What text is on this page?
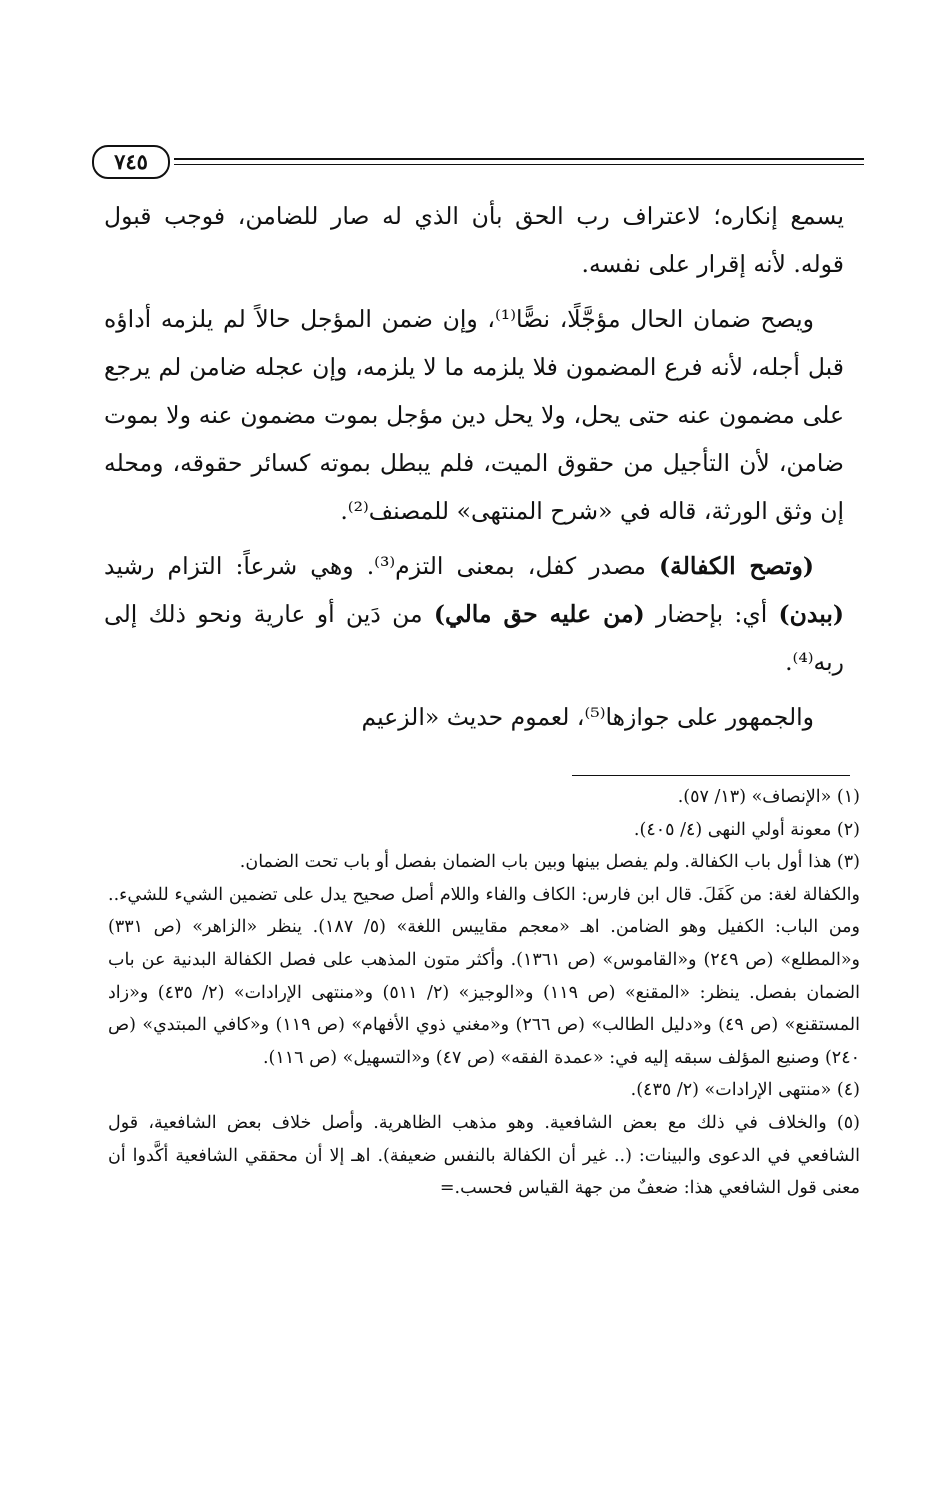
٧٤٥

يسمع إنكاره؛ لاعتراف رب الحق بأن الذي له صار للضامن، فوجب قبول قوله. لأنه إقرار على نفسه.

ويصح ضمان الحال مؤجَّلًا، نصًّا⁽¹⁾، وإن ضمن المؤجل حالاً لم يلزمه أداؤه قبل أجله، لأنه فرع المضمون فلا يلزمه ما لا يلزمه، وإن عجله ضامن لم يرجع على مضمون عنه حتى يحل، ولا يحل دين مؤجل بموت مضمون عنه ولا بموت ضامن، لأن التأجيل من حقوق الميت، فلم يبطل بموته كسائر حقوقه، ومحله إن وثق الورثة، قاله في «شرح المنتهى» للمصنف⁽²⁾.

(وتصح الكفالة) مصدر كفل، بمعنى التزم⁽³⁾. وهي شرعاً: التزام رشيد (ببدن) أي: بإحضار (من عليه حق مالي) من دَين أو عارية ونحو ذلك إلى ربه⁽⁴⁾.

والجمهور على جوازها⁽⁵⁾، لعموم حديث «الزعيم

(١) «الإنصاف» (١٣/ ٥٧).

(٢) معونة أولي النهى (٤/ ٤٠٥).

(٣) هذا أول باب الكفالة. ولم يفصل بينها وبين باب الضمان بفصل أو باب تحت الضمان.

والكفالة لغة: من كَفَلَ. قال ابن فارس: الكاف والفاء واللام أصل صحيح يدل على تضمين الشيء للشيء.. ومن الباب: الكفيل وهو الضامن. اهـ «معجم مقاييس اللغة» (٥/ ١٨٧). ينظر «الزاهر» (ص ٣٣١) و«المطلع» (ص ٢٤٩) و«القاموس» (ص ١٣٦١). وأكثر متون المذهب على فصل الكفالة البدنية عن باب الضمان بفصل. ينظر: «المقنع» (ص ١١٩) و«الوجيز» (٢/ ٥١١) و«منتهى الإرادات» (٢/ ٤٣٥) و«زاد المستقنع» (ص ٤٩) و«دليل الطالب» (ص ٢٦٦) و«مغني ذوي الأفهام» (ص ١١٩) و«كافي المبتدي» (ص ٢٤٠) وصنيع المؤلف سبقه إليه في: «عمدة الفقه» (ص ٤٧) و«التسهيل» (ص ١١٦).

(٤) «منتهى الإرادات» (٢/ ٤٣٥).

(٥) والخلاف في ذلك مع بعض الشافعية. وهو مذهب الظاهرية. وأصل خلاف بعض الشافعية، قول الشافعي في الدعوى والبينات: (.. غير أن الكفالة بالنفس ضعيفة). اهـ إلا أن محققي الشافعية أكَّدوا أن معنى قول الشافعي هذا: ضعفٌ من جهة القياس فحسب.=
